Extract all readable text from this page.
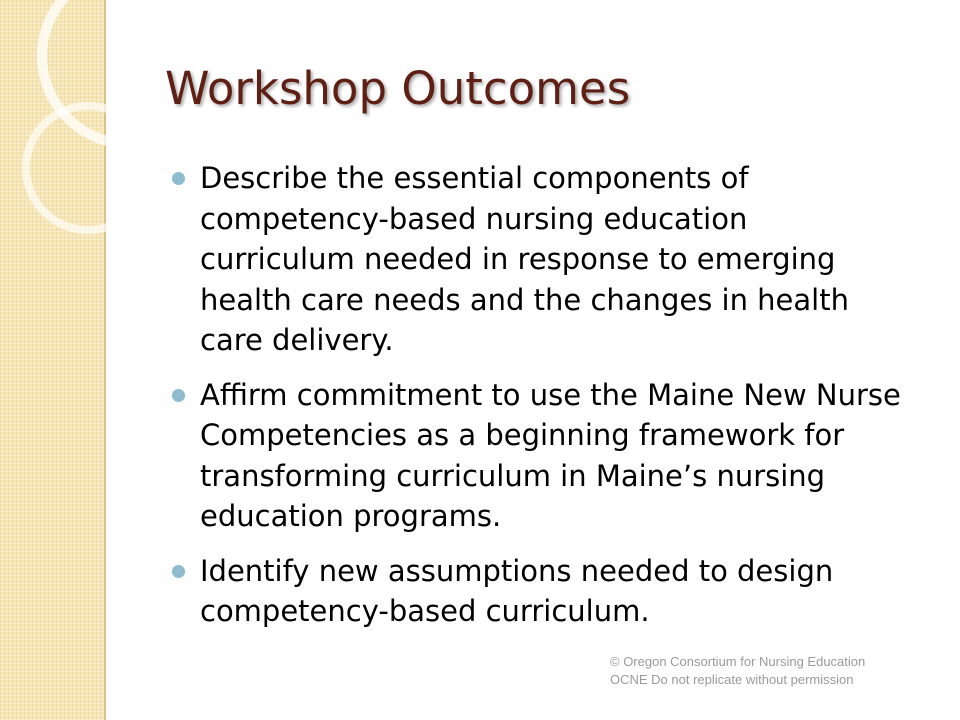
Workshop Outcomes
Describe the essential components of competency-based nursing education curriculum needed in response to emerging health care needs and the changes in health care delivery.
Affirm commitment to use the Maine New Nurse Competencies as a beginning framework for transforming curriculum in Maine’s nursing education programs.
Identify new assumptions needed to design competency-based curriculum.
© Oregon Consortium for Nursing Education OCNE Do not replicate without permission
